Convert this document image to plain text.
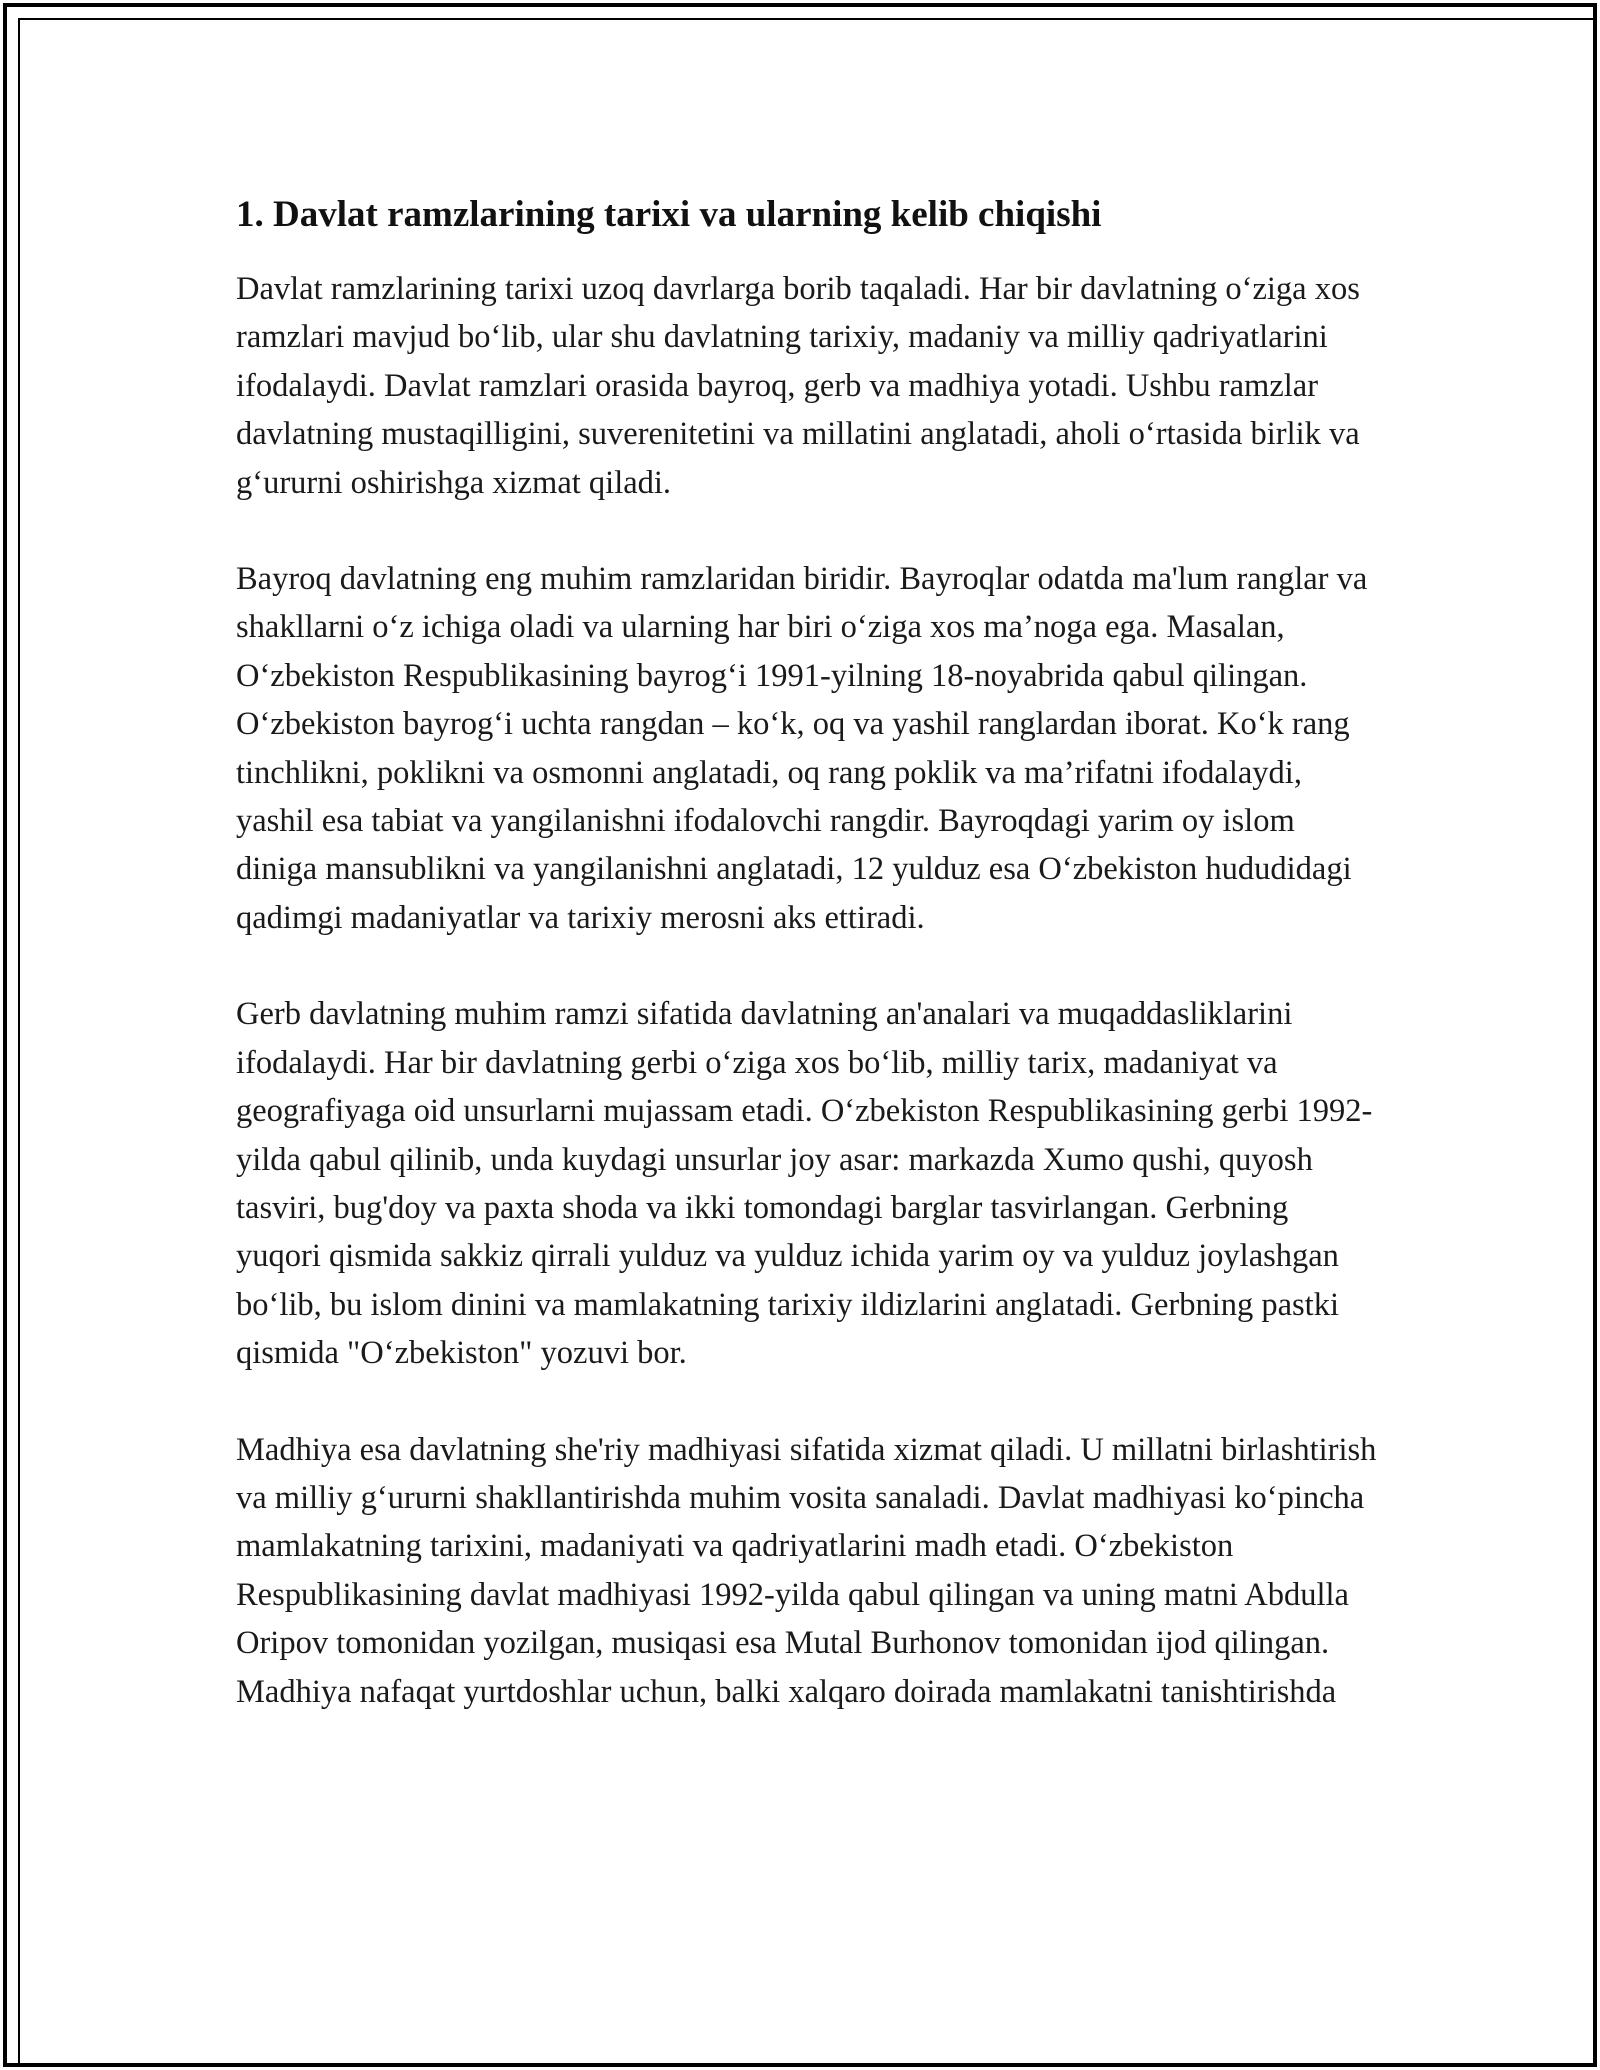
1. Davlat ramzlarining tarixi va ularning kelib chiqishi

Davlat ramzlarining tarixi uzoq davrlarga borib taqaladi. Har bir davlatning o‘ziga xos ramzlari mavjud bo‘lib, ular shu davlatning tarixiy, madaniy va milliy qadriyatlarini ifodalaydi. Davlat ramzlari orasida bayroq, gerb va madhiya yotadi. Ushbu ramzlar davlatning mustaqilligini, suverenitetini va millatini anglatadi, aholi o‘rtasida birlik va g‘ururni oshirishga xizmat qiladi.

Bayroq davlatning eng muhim ramzlaridan biridir. Bayroqlar odatda ma'lum ranglar va shakllarni o‘z ichiga oladi va ularning har biri o‘ziga xos ma’noga ega. Masalan, O‘zbekiston Respublikasining bayrog‘i 1991-yilning 18-noyabrida qabul qilingan. O‘zbekiston bayrog‘i uchta rangdan – ko‘k, oq va yashil ranglardan iborat. Ko‘k rang tinchlikni, poklikni va osmonni anglatadi, oq rang poklik va ma’rifatni ifodalaydi, yashil esa tabiat va yangilanishni ifodalovchi rangdir. Bayroqdagi yarim oy islom diniga mansublikni va yangilanishni anglatadi, 12 yulduz esa O‘zbekiston hududidagi qadimgi madaniyatlar va tarixiy merosni aks ettiradi.

Gerb davlatning muhim ramzi sifatida davlatning an'analari va muqaddasliklarini ifodalaydi. Har bir davlatning gerbi o‘ziga xos bo‘lib, milliy tarix, madaniyat va geografiyaga oid unsurlarni mujassam etadi. O‘zbekiston Respublikasining gerbi 1992-yilda qabul qilinib, unda kuydagi unsurlar joy asar: markazda Xumo qushi, quyosh tasviri, bug'doy va paxta shoda va ikki tomondagi barglar tasvirlangan. Gerbning yuqori qismida sakkiz qirrali yulduz va yulduz ichida yarim oy va yulduz joylashgan bo‘lib, bu islom dinini va mamlakatning tarixiy ildizlarini anglatadi. Gerbning pastki qismida "O‘zbekiston" yozuvi bor.

Madhiya esa davlatning she'riy madhiyasi sifatida xizmat qiladi. U millatni birlashtirish va milliy g‘ururni shakllantirishda muhim vosita sanaladi. Davlat madhiyasi ko‘pincha mamlakatning tarixini, madaniyati va qadriyatlarini madh etadi. O‘zbekiston Respublikasining davlat madhiyasi 1992-yilda qabul qilingan va uning matni Abdulla Oripov tomonidan yozilgan, musiqasi esa Mutal Burhonov tomonidan ijod qilingan. Madhiya nafaqat yurtdoshlar uchun, balki xalqaro doirada mamlakatni tanishtirishda
